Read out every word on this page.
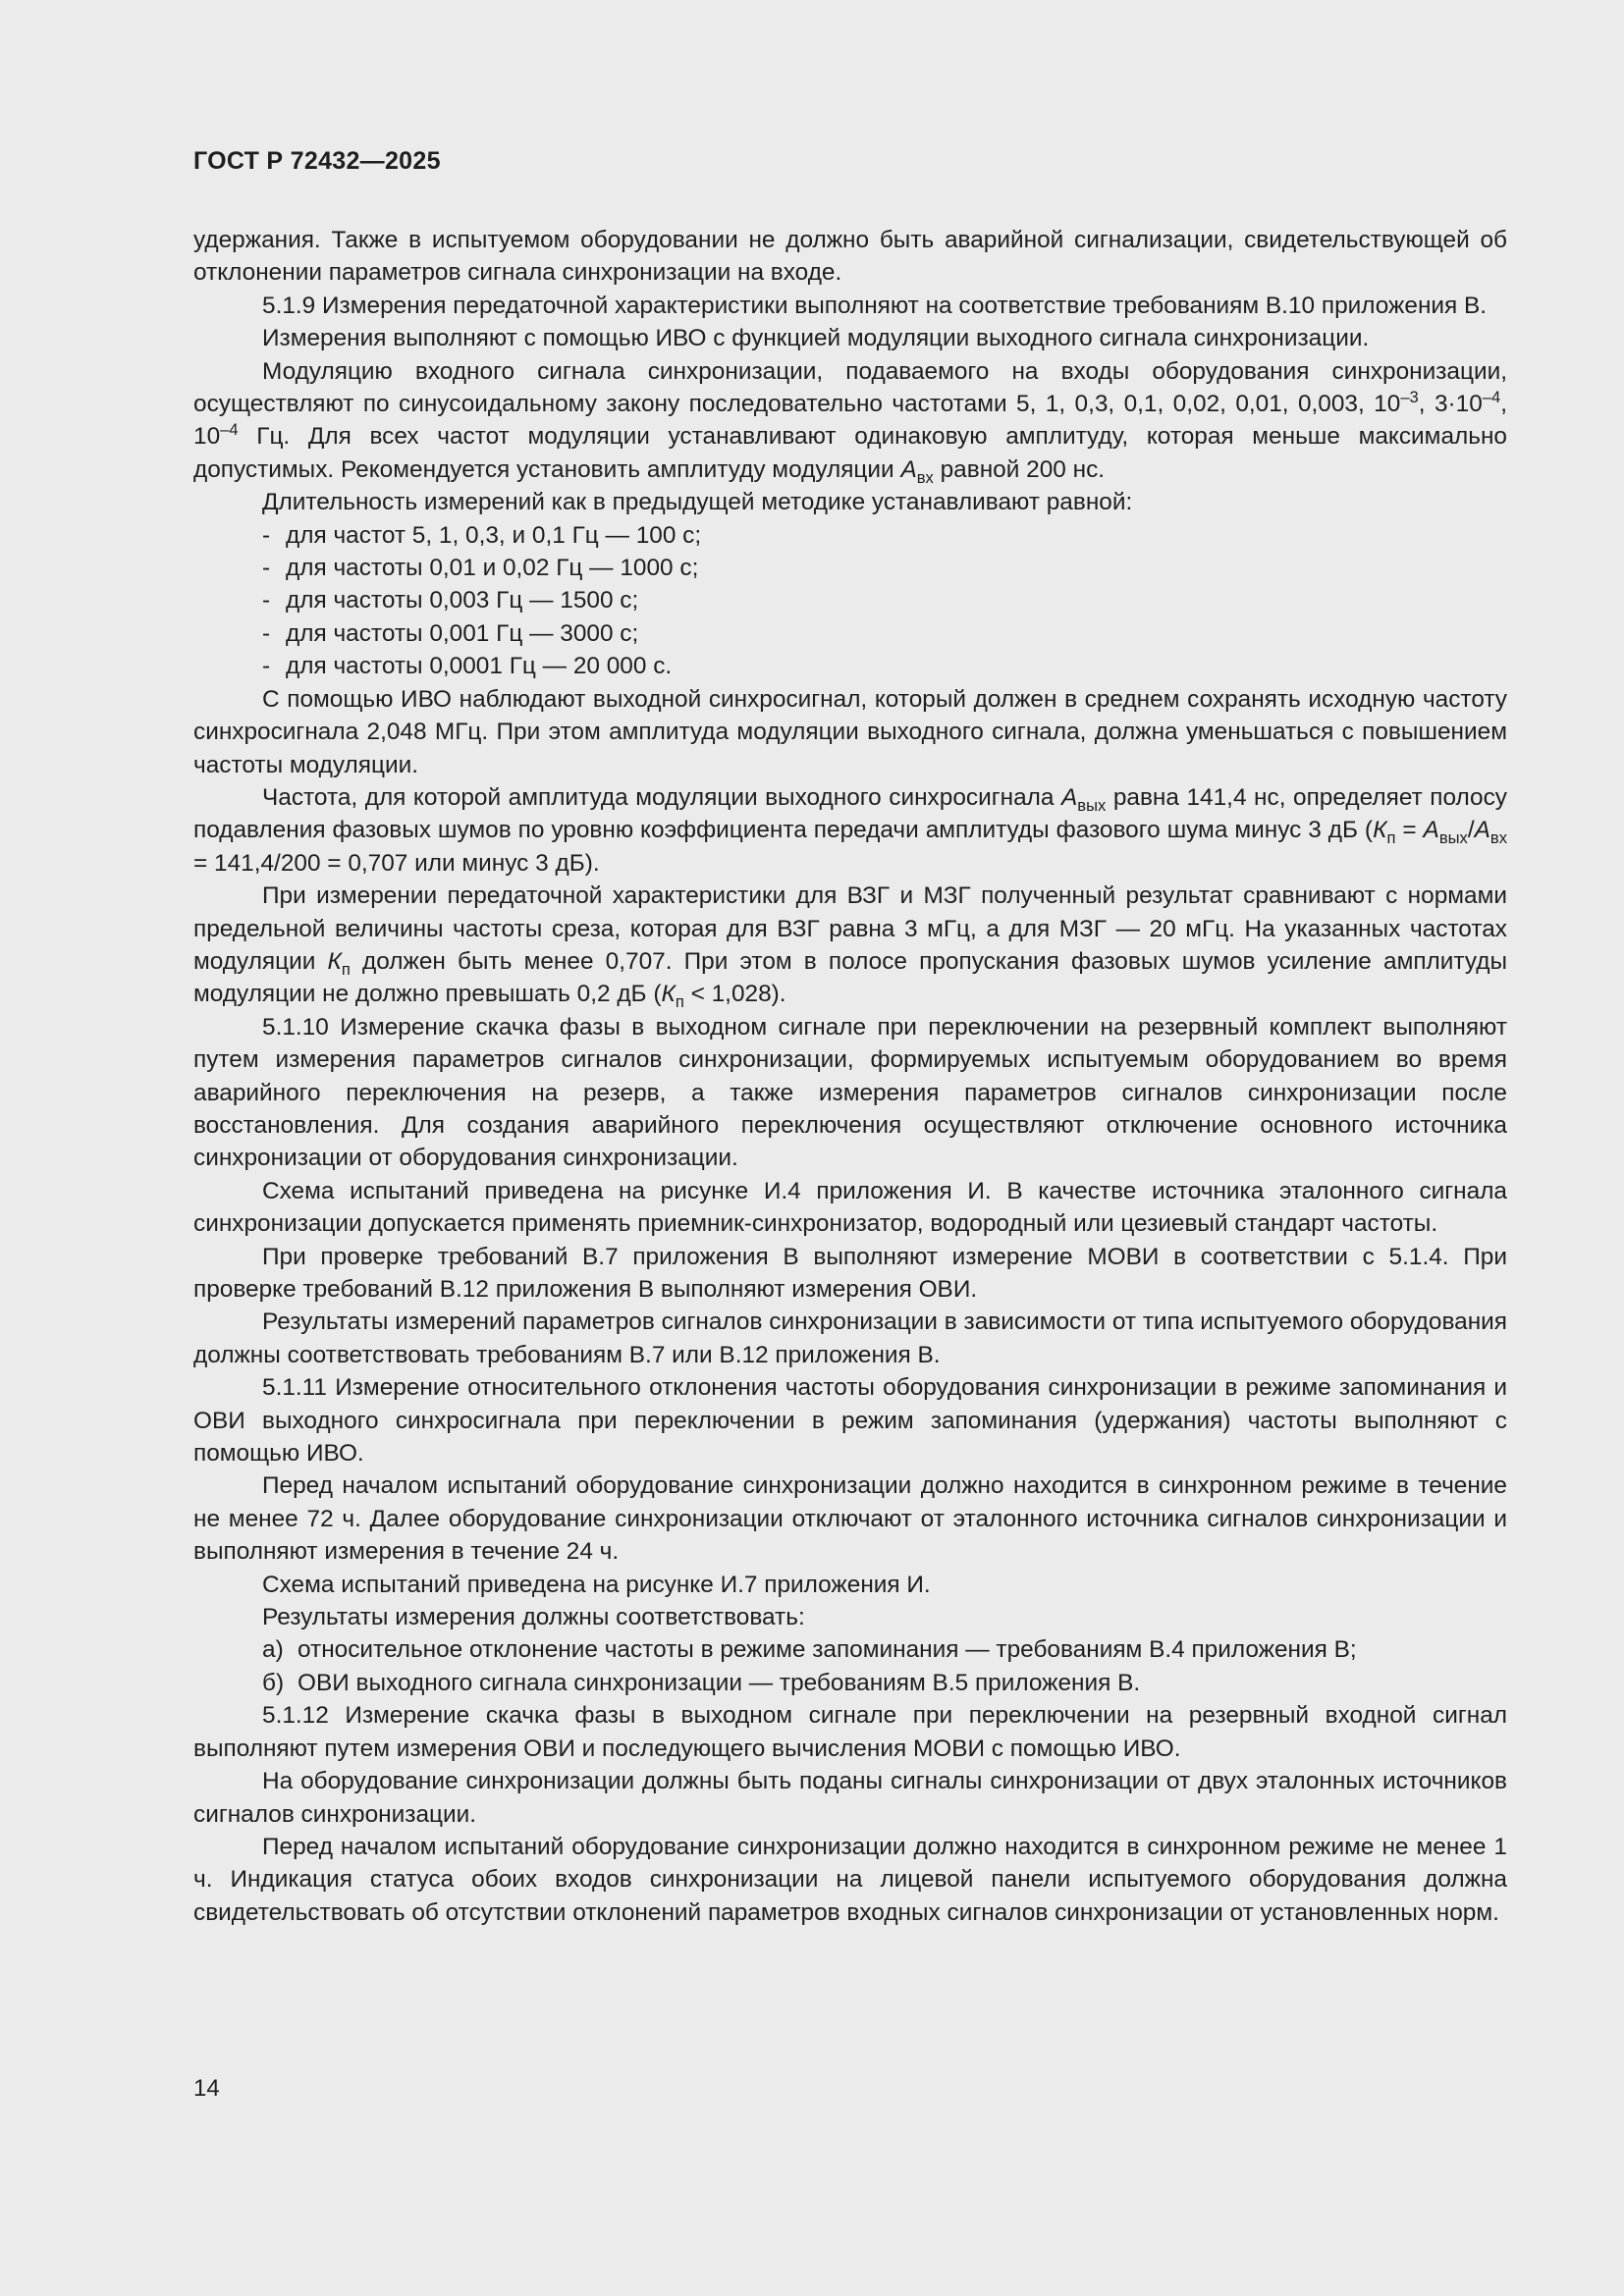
ГОСТ Р 72432—2025

удержания. Также в испытуемом оборудовании не должно быть аварийной сигнализации, свидетельствующей об отклонении параметров сигнала синхронизации на входе.

5.1.9 Измерения передаточной характеристики выполняют на соответствие требованиям В.10 приложения В.

Измерения выполняют с помощью ИВО с функцией модуляции выходного сигнала синхронизации.

Модуляцию входного сигнала синхронизации, подаваемого на входы оборудования синхронизации, осуществляют по синусоидальному закону последовательно частотами 5, 1, 0,3, 0,1, 0,02, 0,01, 0,003, $10^{-3}$, $3\cdot 10^{-4}$, $10^{-4}$ Гц. Для всех частот модуляции устанавливают одинаковую амплитуду, которая меньше максимально допустимых. Рекомендуется установить амплитуду модуляции $А_{вх}$ равной 200 нс.

Длительность измерений как в предыдущей методике устанавливают равной:

- для частот 5, 1, 0,3, и 0,1 Гц — 100 с;

- для частоты 0,01 и 0,02 Гц — 1000 с;

- для частоты 0,003 Гц — 1500 с;

- для частоты 0,001 Гц — 3000 с;

- для частоты 0,0001 Гц — 20 000 с.

С помощью ИВО наблюдают выходной синхросигнал, который должен в среднем сохранять исходную частоту синхросигнала 2,048 МГц. При этом амплитуда модуляции выходного сигнала, должна уменьшаться с повышением частоты модуляции.

Частота, для которой амплитуда модуляции выходного синхросигнала $А_{вых}$ равна 141,4 нс, определяет полосу подавления фазовых шумов по уровню коэффициента передачи амплитуды фазового шума минус 3 дБ ($К_п = А_{вых}/А_{вх} = 141,4/200 = 0,707$ или минус 3 дБ).

При измерении передаточной характеристики для ВЗГ и МЗГ полученный результат сравнивают с нормами предельной величины частоты среза, которая для ВЗГ равна 3 мГц, а для МЗГ — 20 мГц. На указанных частотах модуляции $К_п$ должен быть менее 0,707. При этом в полосе пропускания фазовых шумов усиление амплитуды модуляции не должно превышать 0,2 дБ $(К_п < 1,028)$.

5.1.10 Измерение скачка фазы в выходном сигнале при переключении на резервный комплект выполняют путем измерения параметров сигналов синхронизации, формируемых испытуемым оборудованием во время аварийного переключения на резерв, а также измерения параметров сигналов синхронизации после восстановления. Для создания аварийного переключения осуществляют отключение основного источника синхронизации от оборудования синхронизации.

Схема испытаний приведена на рисунке И.4 приложения И. В качестве источника эталонного сигнала синхронизации допускается применять приемник-синхронизатор, водородный или цезиевый стандарт частоты.

При проверке требований В.7 приложения В выполняют измерение МОВИ в соответствии с 5.1.4. При проверке требований В.12 приложения В выполняют измерения ОВИ.

Результаты измерений параметров сигналов синхронизации в зависимости от типа испытуемого оборудования должны соответствовать требованиям В.7 или В.12 приложения В.

5.1.11 Измерение относительного отклонения частоты оборудования синхронизации в режиме запоминания и ОВИ выходного синхросигнала при переключении в режим запоминания (удержания) частоты выполняют с помощью ИВО.

Перед началом испытаний оборудование синхронизации должно находится в синхронном режиме в течение не менее 72 ч. Далее оборудование синхронизации отключают от эталонного источника сигналов синхронизации и выполняют измерения в течение 24 ч.

Схема испытаний приведена на рисунке И.7 приложения И.

Результаты измерения должны соответствовать:

а) относительное отклонение частоты в режиме запоминания — требованиям В.4 приложения В;

б) ОВИ выходного сигнала синхронизации — требованиям В.5 приложения В.

5.1.12 Измерение скачка фазы в выходном сигнале при переключении на резервный входной сигнал выполняют путем измерения ОВИ и последующего вычисления МОВИ с помощью ИВО.

На оборудование синхронизации должны быть поданы сигналы синхронизации от двух эталонных источников сигналов синхронизации.

Перед началом испытаний оборудование синхронизации должно находится в синхронном режиме не менее 1 ч. Индикация статуса обоих входов синхронизации на лицевой панели испытуемого оборудования должна свидетельствовать об отсутствии отклонений параметров входных сигналов синхронизации от установленных норм.

14
